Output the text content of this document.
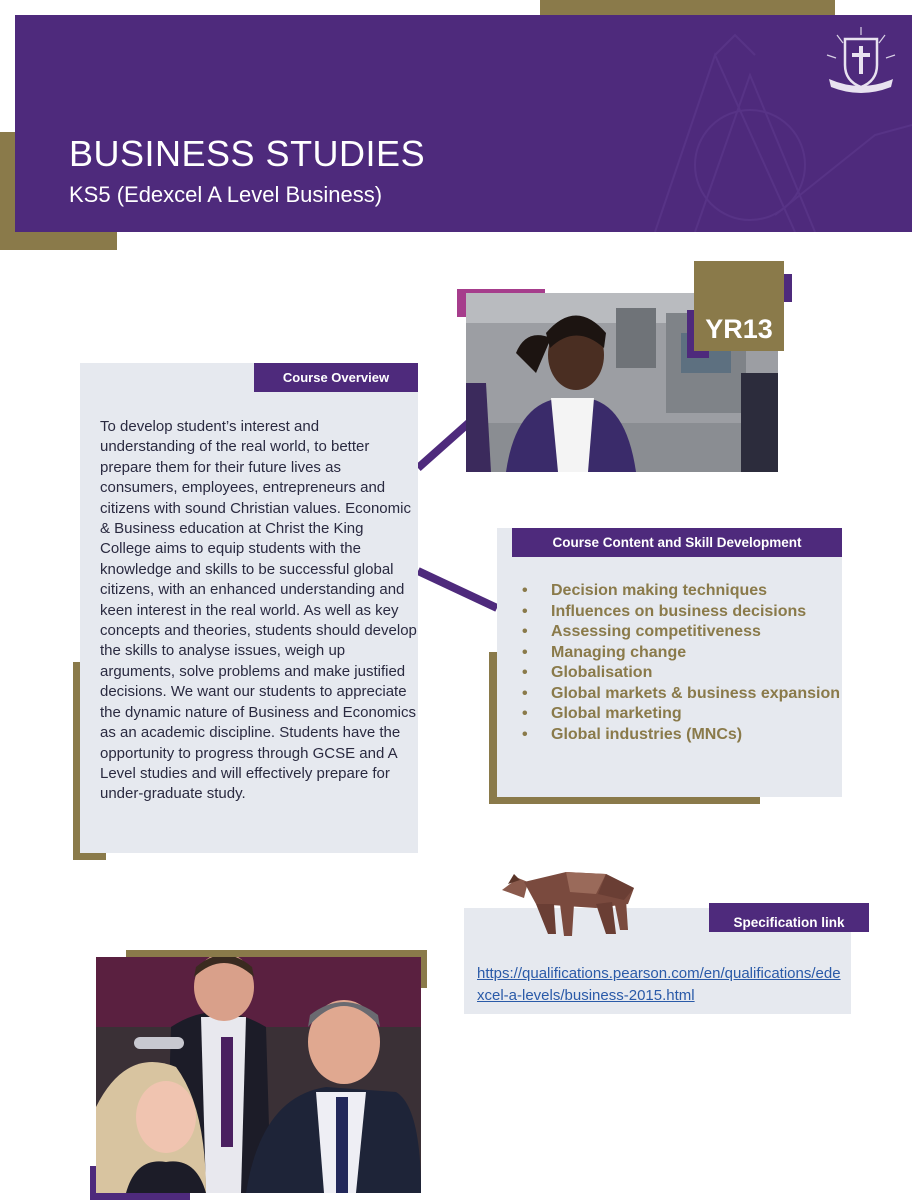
BUSINESS STUDIES
KS5 (Edexcel A Level Business)
Course Overview

To develop student’s interest and understanding of the real world, to better prepare them for their future lives as consumers, employees, entrepreneurs and citizens with sound Christian values. Economic & Business education at Christ the King College aims to equip students with the knowledge and skills to be successful global citizens, with an enhanced understanding and keen interest in the real world. As well as key concepts and theories, students should develop the skills to analyse issues, weigh up arguments, solve problems and make justified decisions. We want our students to appreciate the dynamic nature of Business and Economics as an academic discipline. Students have the opportunity to progress through GCSE and A Level studies and will effectively prepare for under-graduate study.

YR13
Course Content and Skill Development
• Decision making techniques
• Influences on business decisions
• Assessing competitiveness
• Managing change
• Globalisation
• Global markets & business expansion
• Global marketing
• Global industries (MNCs)
Specification link
https://qualifications.pearson.com/en/qualifications/edexcel-a-levels/business-2015.html
